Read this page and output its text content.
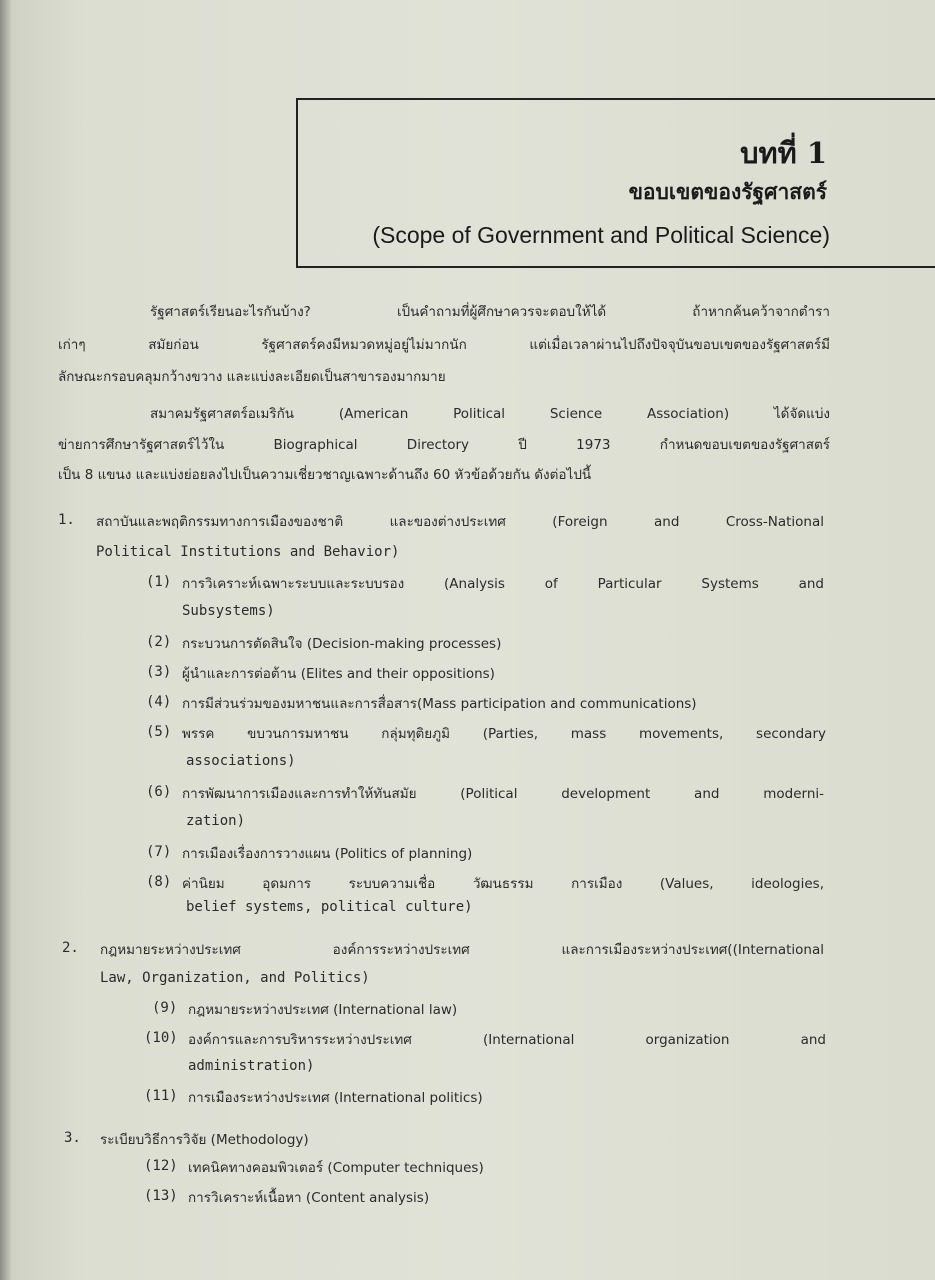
บทที่ 1
ขอบเขตของรัฐศาสตร์
(Scope of Government and Political Science)
รัฐศาสตร์เรียนอะไรกันบ้าง? เป็นคำถามที่ผู้ศึกษาควรจะตอบให้ได้ ถ้าหากค้นคว้าจากตำรา
เก่าๆ สมัยก่อน รัฐศาสตร์คงมีหมวดหมู่อยู่ไม่มากนัก แต่เมื่อเวลาผ่านไปถึงปัจจุบันขอบเขตของรัฐศาสตร์มี
ลักษณะกรอบคลุมกว้างขวาง และแบ่งละเอียดเป็นสาขารองมากมาย
สมาคมรัฐศาสตร์อเมริกัน (American Political Science Association) ได้จัดแบ่ง
ข่ายการศึกษารัฐศาสตร์ไว้ใน Biographical Directory ปี 1973 กำหนดขอบเขตของรัฐศาสตร์
เป็น 8 แขนง และแบ่งย่อยลงไปเป็นความเชี่ยวชาญเฉพาะด้านถึง 60 หัวข้อด้วยกัน ดังต่อไปนี้
1. สถาบันและพฤติกรรมทางการเมืองของชาติ และของต่างประเทศ (Foreign and Cross-National
Political Institutions and Behavior)
(1) การวิเคราะห์เฉพาะระบบและระบบรอง (Analysis of Particular Systems and
Subsystems)
(2) กระบวนการตัดสินใจ (Decision-making processes)
(3) ผู้นำและการต่อต้าน (Elites and their oppositions)
(4) การมีส่วนร่วมของมหาชนและการสื่อสาร(Mass participation and communications)
(5) พรรค ขบวนการมหาชน กลุ่มทุติยภูมิ (Parties, mass movements, secondary
associations)
(6) การพัฒนาการเมืองและการทำให้ทันสมัย (Political development and moderni-
zation)
(7) การเมืองเรื่องการวางแผน (Politics of planning)
(8) ค่านิยม อุดมการ ระบบความเชื่อ วัฒนธรรม การเมือง (Values, ideologies,
belief systems, political culture)
2. กฎหมายระหว่างประเทศ องค์การระหว่างประเทศ และการเมืองระหว่างประเทศ((International
Law, Organization, and Politics)
(9) กฎหมายระหว่างประเทศ (International law)
(10) องค์การและการบริหารระหว่างประเทศ (International organization and
administration)
(11) การเมืองระหว่างประเทศ (International politics)
3. ระเบียบวิธีการวิจัย (Methodology)
(12) เทคนิคทางคอมพิวเตอร์ (Computer techniques)
(13) การวิเคราะห์เนื้อหา (Content analysis)
